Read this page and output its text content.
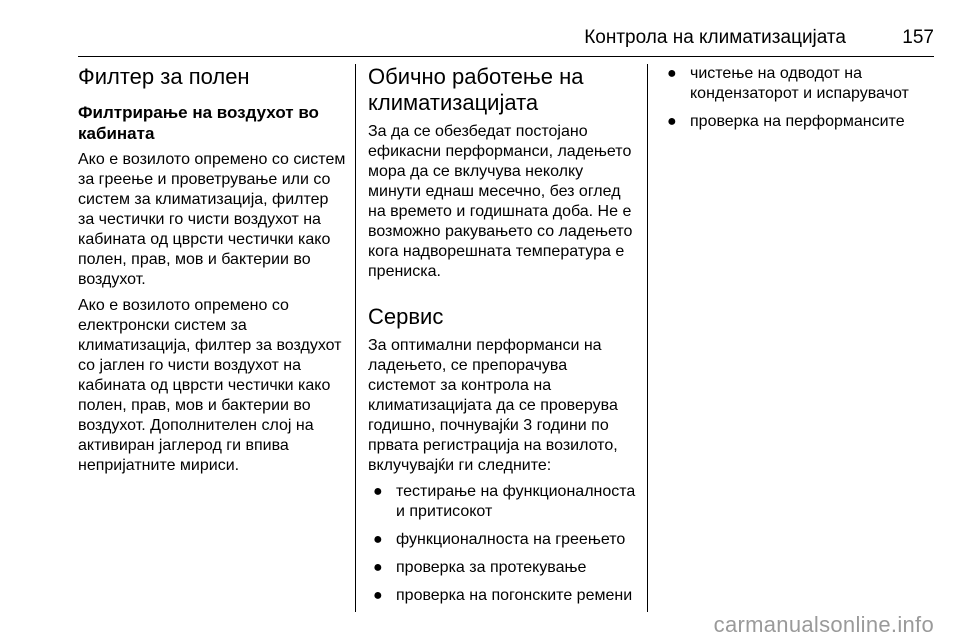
Контрола на климатизацијата	157
Филтер за полен
Филтрирање на воздухот во кабината

Ако е возилото опремено со систем за греење и проветрување или со систем за климатизација, филтер за честички го чисти воздухот на кабината од цврсти честички како полен, прав, мов и бактерии во воздухот.

Ако е возилото опремено со електронски систем за климатизација, филтер за воздухот со јаглен го чисти воздухот на кабината од цврсти честички како полен, прав, мов и бактерии во воздухот. Дополнителен слој на активиран јаглерод ги впива непријатните мириси.

Обично работење на климатизацијата

За да се обезбедат постојано ефикасни перформанси, ладењето мора да се вклучува неколку минути еднаш месечно, без оглед на времето и годишната доба. Не е возможно ракувањето со ладењето кога надворешната температура е прениска.

Сервис

За оптимални перформанси на ладењето, се препорачува системот за контрола на климатизацијата да се проверува годишно, почнувајќи 3 години по првата регистрација на возилото, вклучувајќи ги следните:

● тестирање на функционалноста и притисокот
● функционалноста на греењето
● проверка за протекување
● проверка на погонските ремени
● чистење на одводот на кондензаторот и испарувачот
● проверка на перформансите
carmanualsonline.info
